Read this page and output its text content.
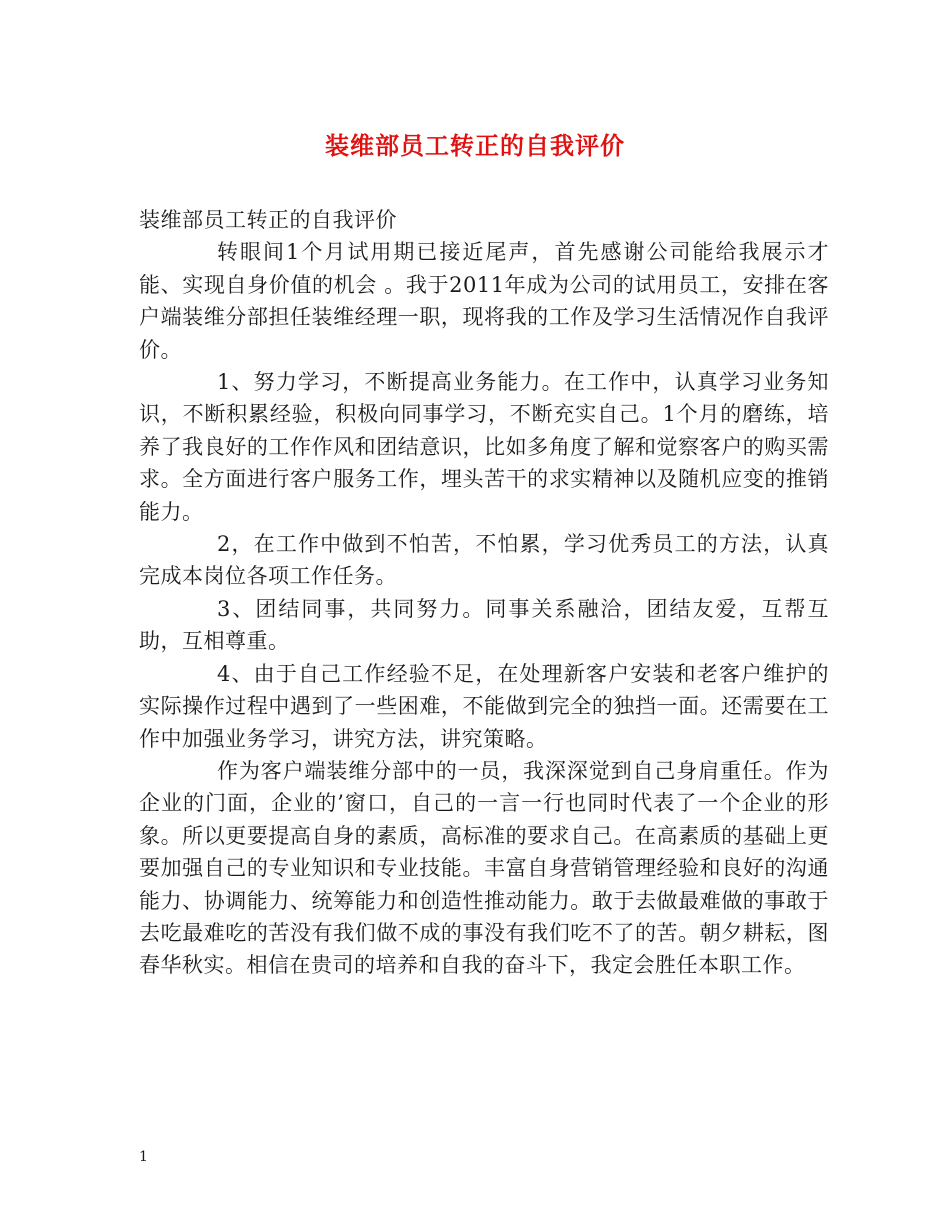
装维部员工转正的自我评价

装维部员工转正的自我评价

转眼间1个月试用期已接近尾声，首先感谢公司能给我展示才能、实现自身价值的机会 。我于2011年成为公司的试用员工，安排在客户端装维分部担任装维经理一职，现将我的工作及学习生活情况作自我评价。

1、努力学习，不断提高业务能力。在工作中，认真学习业务知识，不断积累经验，积极向同事学习，不断充实自己。1个月的磨练，培养了我良好的工作作风和团结意识，比如多角度了解和觉察客户的购买需求。全方面进行客户服务工作，埋头苦干的求实精神以及随机应变的推销能力。

2，在工作中做到不怕苦，不怕累，学习优秀员工的方法，认真完成本岗位各项工作任务。

3、团结同事，共同努力。同事关系融洽，团结友爱，互帮互助，互相尊重。

4、由于自己工作经验不足，在处理新客户安装和老客户维护的实际操作过程中遇到了一些困难，不能做到完全的独挡一面。还需要在工作中加强业务学习，讲究方法，讲究策略。

作为客户端装维分部中的一员，我深深觉到自己身肩重任。作为企业的门面，企业的’窗口，自己的一言一行也同时代表了一个企业的形象。所以更要提高自身的素质，高标准的要求自己。在高素质的基础上更要加强自己的专业知识和专业技能。丰富自身营销管理经验和良好的沟通能力、协调能力、统筹能力和创造性推动能力。敢于去做最难做的事敢于去吃最难吃的苦没有我们做不成的事没有我们吃不了的苦。朝夕耕耘，图春华秋实。相信在贵司的培养和自我的奋斗下，我定会胜任本职工作。

1
